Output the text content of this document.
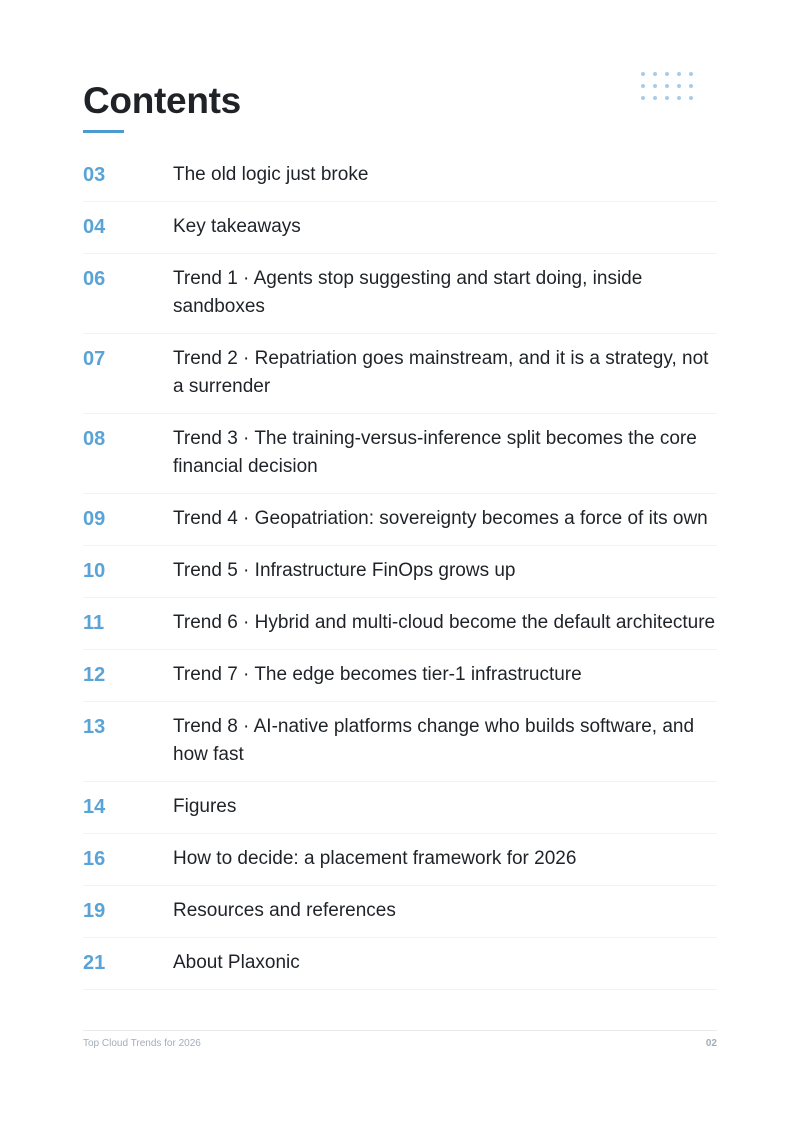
Contents
03	The old logic just broke
04	Key takeaways
06	Trend 1 · Agents stop suggesting and start doing, inside sandboxes
07	Trend 2 · Repatriation goes mainstream, and it is a strategy, not a surrender
08	Trend 3 · The training-versus-inference split becomes the core financial decision
09	Trend 4 · Geopatriation: sovereignty becomes a force of its own
10	Trend 5 · Infrastructure FinOps grows up
11	Trend 6 · Hybrid and multi-cloud become the default architecture
12	Trend 7 · The edge becomes tier-1 infrastructure
13	Trend 8 · AI-native platforms change who builds software, and how fast
14	Figures
16	How to decide: a placement framework for 2026
19	Resources and references
21	About Plaxonic
Top Cloud Trends for 2026	02
